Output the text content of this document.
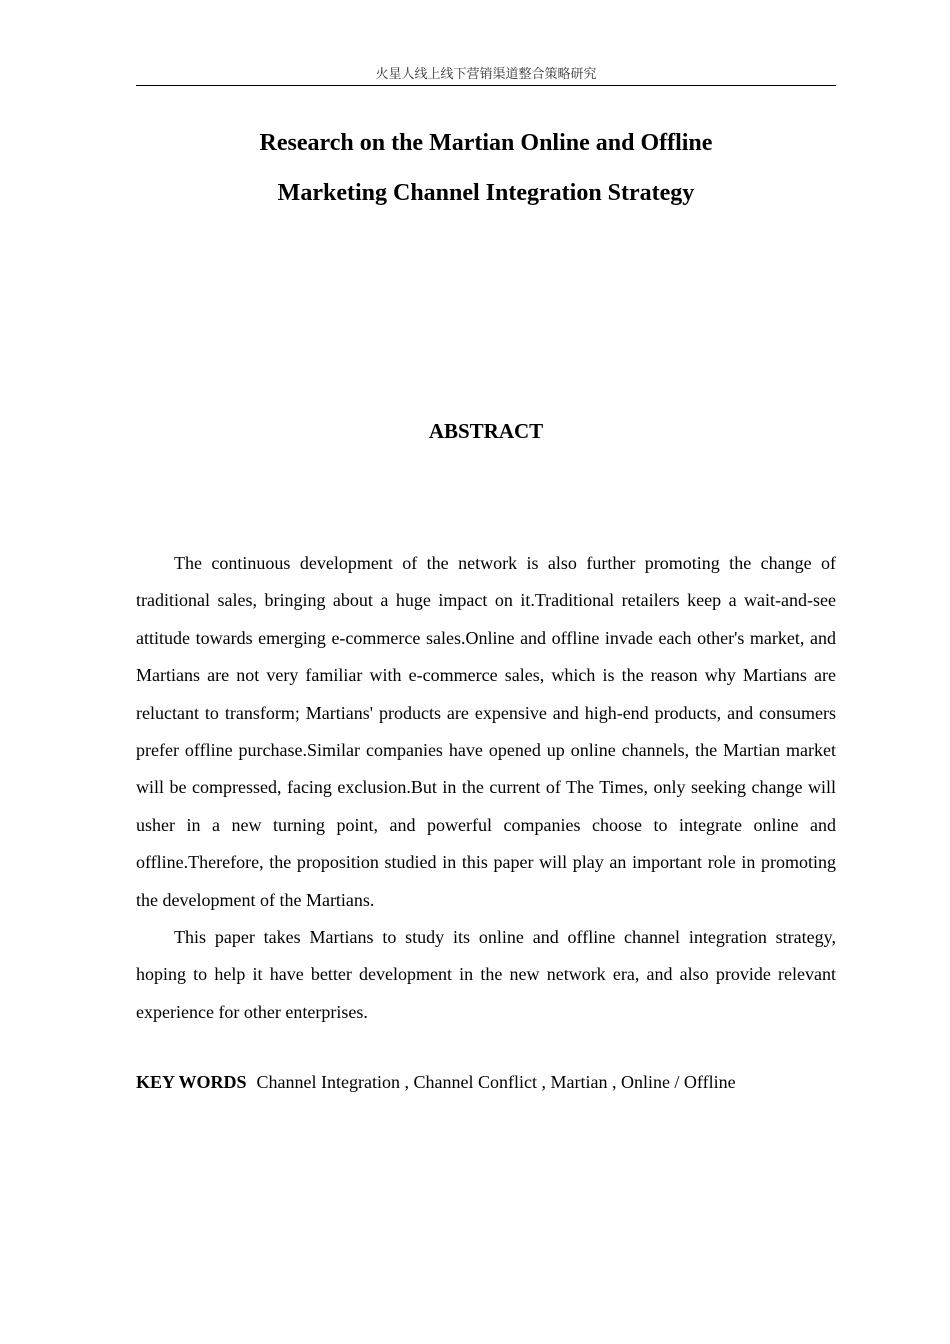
火星人线上线下营销渠道整合策略研究
Research on the Martian Online and Offline
Marketing Channel Integration Strategy
ABSTRACT

The continuous development of the network is also further promoting the change of traditional sales, bringing about a huge impact on it.Traditional retailers keep a wait-and-see attitude towards emerging e-commerce sales.Online and offline invade each other's market, and Martians are not very familiar with e-commerce sales, which is the reason why Martians are reluctant to transform; Martians' products are expensive and high-end products, and consumers prefer offline purchase.Similar companies have opened up online channels, the Martian market will be compressed, facing exclusion.But in the current of The Times, only seeking change will usher in a new turning point, and powerful companies choose to integrate online and offline.Therefore, the proposition studied in this paper will play an important role in promoting the development of the Martians.

This paper takes Martians to study its online and offline channel integration strategy, hoping to help it have better development in the new network era, and also provide relevant experience for other enterprises.

KEY WORDS Channel Integration , Channel Conflict , Martian , Online / Offline
